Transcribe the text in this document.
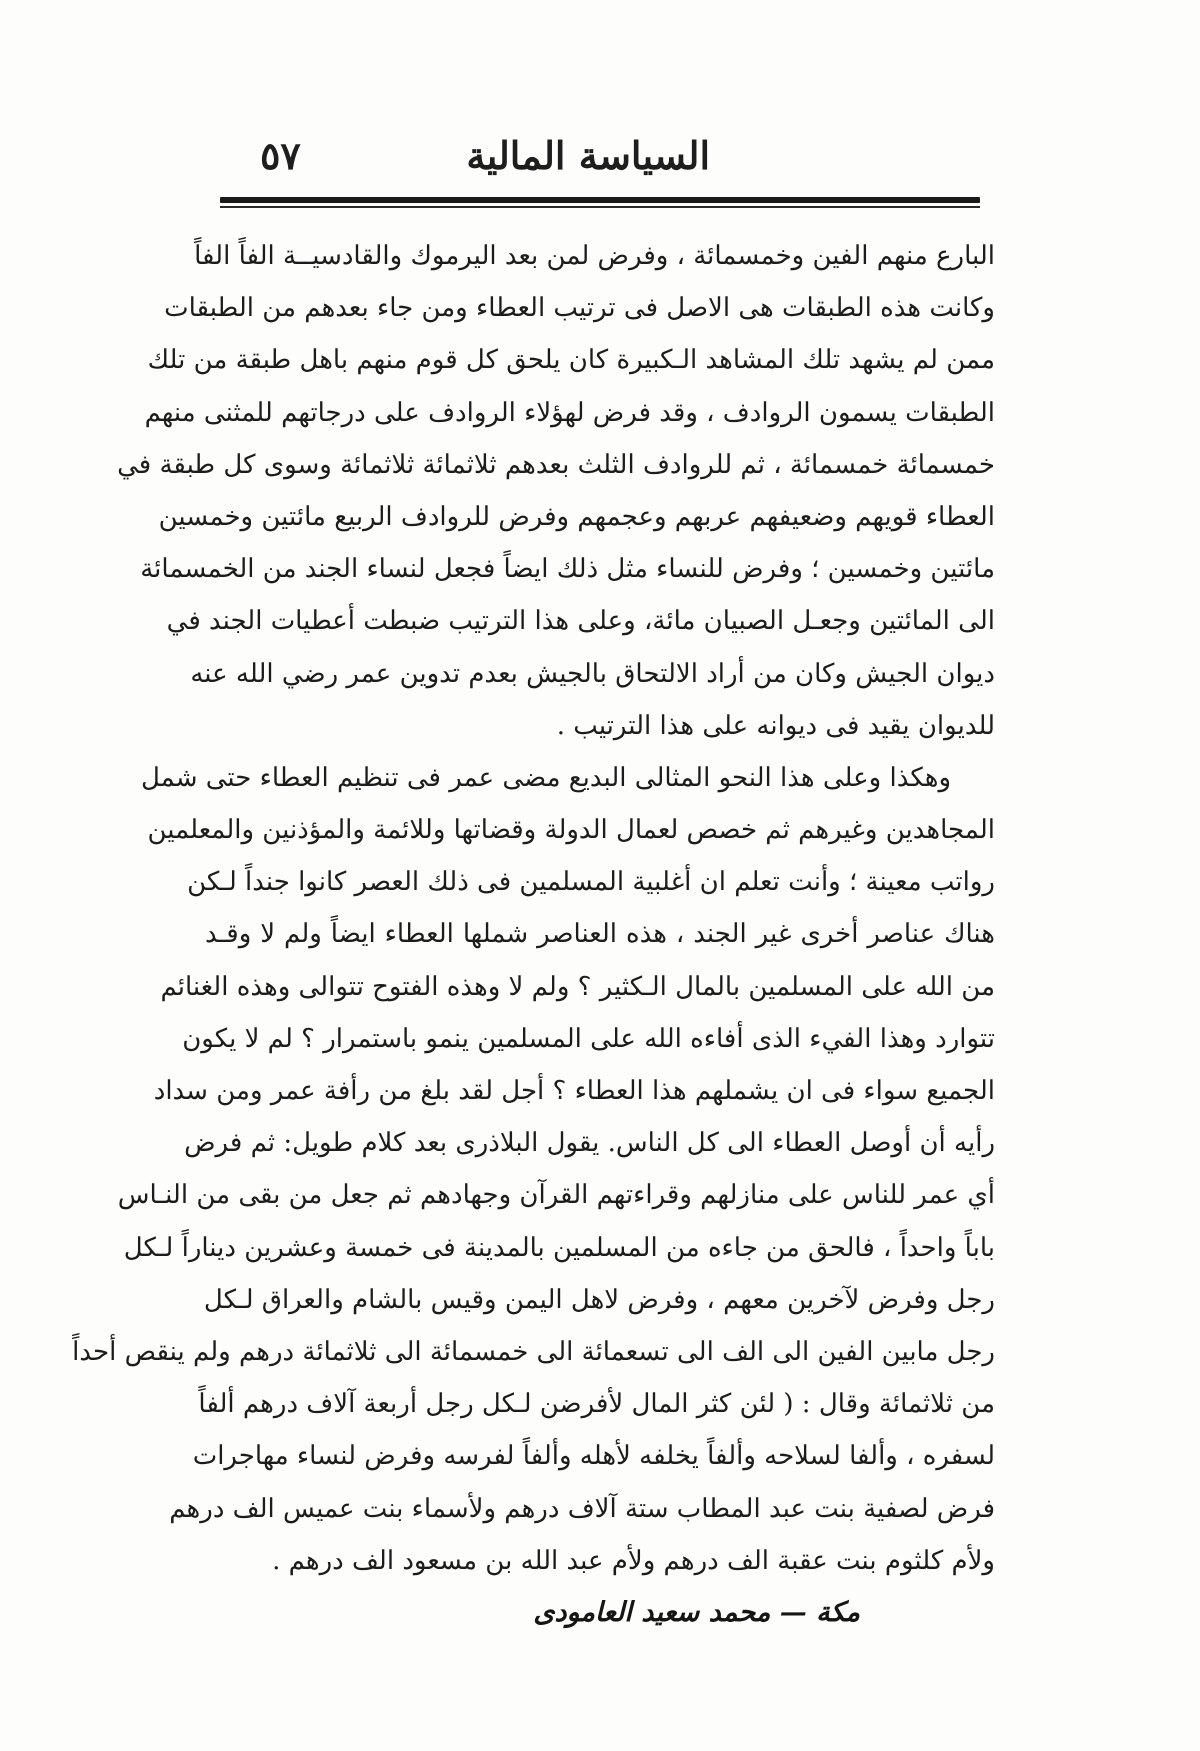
السياسة المالية
٥٧
البارع منهم الفين وخمسمائة ، وفرض لمن بعد اليرموك والقادسيــة الفاً الفاً
وكانت هذه الطبقات هى الاصل فى ترتيب العطاء ومن جاء بعدهم من الطبقات
ممن لم يشهد تلك المشاهد الـكبيرة كان يلحق كل قوم منهم باهل طبقة من تلك
الطبقات يسمون الروادف ، وقد فرض لهؤلاء الروادف على درجاتهم للمثنى منهم
خمسمائة خمسمائة ، ثم للروادف الثلث بعدهم ثلاثمائة ثلاثمائة وسوى كل طبقة في
العطاء قويهم وضعيفهم عربهم وعجمهم وفرض للروادف الربيع مائتين وخمسين
مائتين وخمسين ؛ وفرض للنساء مثل ذلك ايضاً فجعل لنساء الجند من الخمسمائة
الى المائتين وجعـل الصبيان مائة، وعلى هذا الترتيب ضبطت أعطيات الجند في
ديوان الجيش وكان من أراد الالتحاق بالجيش بعدم تدوين عمر رضي الله عنه
للديوان يقيد فى ديوانه على هذا الترتيب .
وهكذا وعلى هذا النحو المثالى البديع مضى عمر فى تنظيم العطاء حتى شمل
المجاهدين وغيرهم ثم خصص لعمال الدولة وقضاتها وللائمة والمؤذنين والمعلمين
رواتب معينة ؛ وأنت تعلم ان أغلبية المسلمين فى ذلك العصر كانوا جنداً لـكن
هناك عناصر أخرى غير الجند ، هذه العناصر شملها العطاء ايضاً ولم لا وقـد
من الله على المسلمين بالمال الـكثير ؟ ولم لا وهذه الفتوح تتوالى وهذه الغنائم
تتوارد وهذا الفيء الذى أفاءه الله على المسلمين ينمو باستمرار ؟ لم لا يكون
الجميع سواء فى ان يشملهم هذا العطاء ؟ أجل لقد بلغ من رأفة عمر ومن سداد
رأيه أن أوصل العطاء الى كل الناس. يقول البلاذرى بعد كلام طويل: ثم فرض
أي عمر للناس على منازلهم وقراءتهم القرآن وجهادهم ثم جعل من بقى من النـاس
باباً واحداً ، فالحق من جاءه من المسلمين بالمدينة فى خمسة وعشرين ديناراً لـكل
رجل وفرض لآخرين معهم ، وفرض لاهل اليمن وقيس بالشام والعراق لـكل
رجل مابين الفين الى الف الى تسعمائة الى خمسمائة الى ثلاثمائة درهم ولم ينقص أحداً
من ثلاثمائة وقال : ( لئن كثر المال لأفرضن لـكل رجل أربعة آلاف درهم ألفاً
لسفره ، وألفا لسلاحه وألفاً يخلفه لأهله وألفاً لفرسه وفرض لنساء مهاجرات
فرض لصفية بنت عبد المطاب ستة آلاف درهم ولأسماء بنت عميس الف درهم
ولأم كلثوم بنت عقبة الف درهم ولأم عبد الله بن مسعود الف درهم .
مكة — محمد سعيد العامودى
